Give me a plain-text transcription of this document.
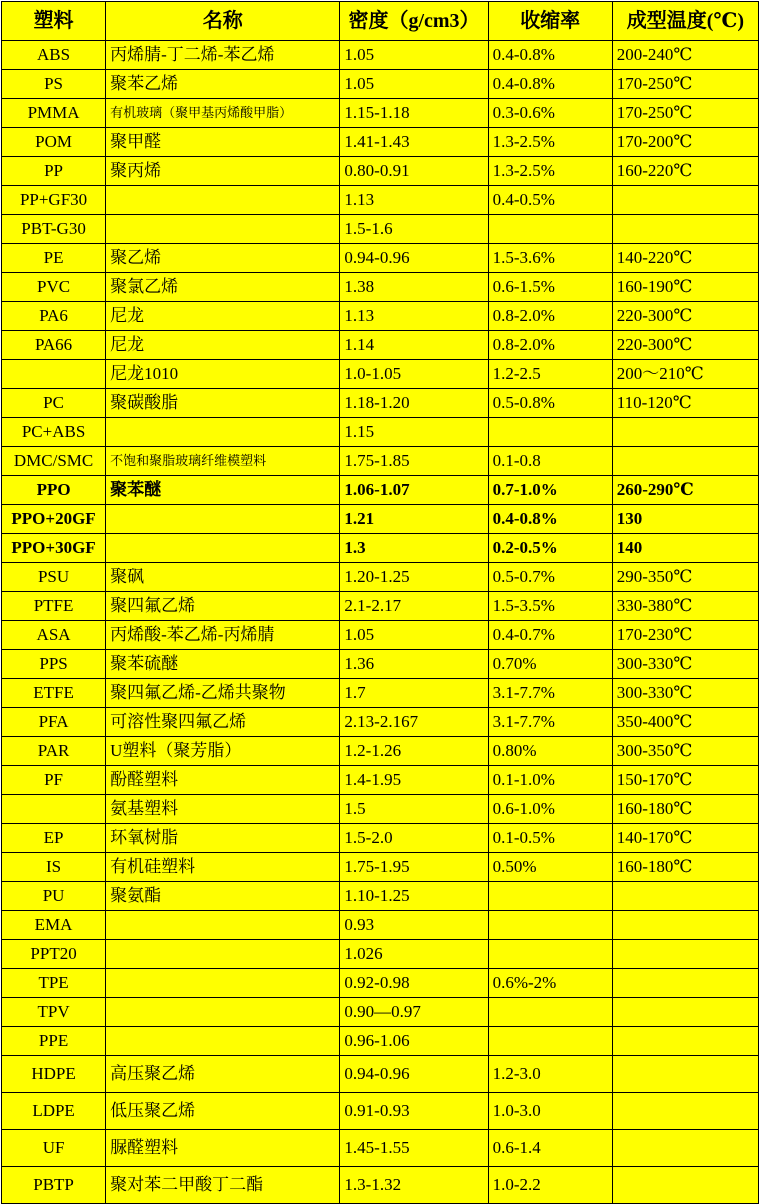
塑料	名称	密度（g/cm3）	收缩率	成型温度(℃)
ABS	丙烯腈-丁二烯-苯乙烯	1.05	0.4-0.8%	200-240℃
PS	聚苯乙烯	1.05	0.4-0.8%	170-250℃
PMMA	有机玻璃（聚甲基丙烯酸甲脂）	1.15-1.18	0.3-0.6%	170-250℃
POM	聚甲醛	1.41-1.43	1.3-2.5%	170-200℃
PP	聚丙烯	0.80-0.91	1.3-2.5%	160-220℃
PP+GF30		1.13	0.4-0.5%	
PBT-G30		1.5-1.6		
PE	聚乙烯	0.94-0.96	1.5-3.6%	140-220℃
PVC	聚氯乙烯	1.38	0.6-1.5%	160-190℃
PA6	尼龙	1.13	0.8-2.0%	220-300℃
PA66	尼龙	1.14	0.8-2.0%	220-300℃
	尼龙1010	1.0-1.05	1.2-2.5	200～210℃
PC	聚碳酸脂	1.18-1.20	0.5-0.8%	110-120℃
PC+ABS		1.15		
DMC/SMC	不饱和聚脂玻璃纤维模塑料	1.75-1.85	0.1-0.8	
PPO	聚苯醚	1.06-1.07	0.7-1.0%	260-290℃
PPO+20GF		1.21	0.4-0.8%	130
PPO+30GF		1.3	0.2-0.5%	140
PSU	聚砜	1.20-1.25	0.5-0.7%	290-350℃
PTFE	聚四氟乙烯	2.1-2.17	1.5-3.5%	330-380℃
ASA	丙烯酸-苯乙烯-丙烯腈	1.05	0.4-0.7%	170-230℃
PPS	聚苯硫醚	1.36	0.70%	300-330℃
ETFE	聚四氟乙烯-乙烯共聚物	1.7	3.1-7.7%	300-330℃
PFA	可溶性聚四氟乙烯	2.13-2.167	3.1-7.7%	350-400℃
PAR	U塑料（聚芳脂）	1.2-1.26	0.80%	300-350℃
PF	酚醛塑料	1.4-1.95	0.1-1.0%	150-170℃
	氨基塑料	1.5	0.6-1.0%	160-180℃
EP	环氧树脂	1.5-2.0	0.1-0.5%	140-170℃
IS	有机硅塑料	1.75-1.95	0.50%	160-180℃
PU	聚氨酯	1.10-1.25		
EMA		0.93		
PPT20		1.026		
TPE		0.92-0.98	0.6%-2%	
TPV		0.90—0.97		
PPE		0.96-1.06		
HDPE	高压聚乙烯	0.94-0.96	1.2-3.0	
LDPE	低压聚乙烯	0.91-0.93	1.0-3.0	
UF	脲醛塑料	1.45-1.55	0.6-1.4	
PBTP	聚对苯二甲酸丁二酯	1.3-1.32	1.0-2.2	
